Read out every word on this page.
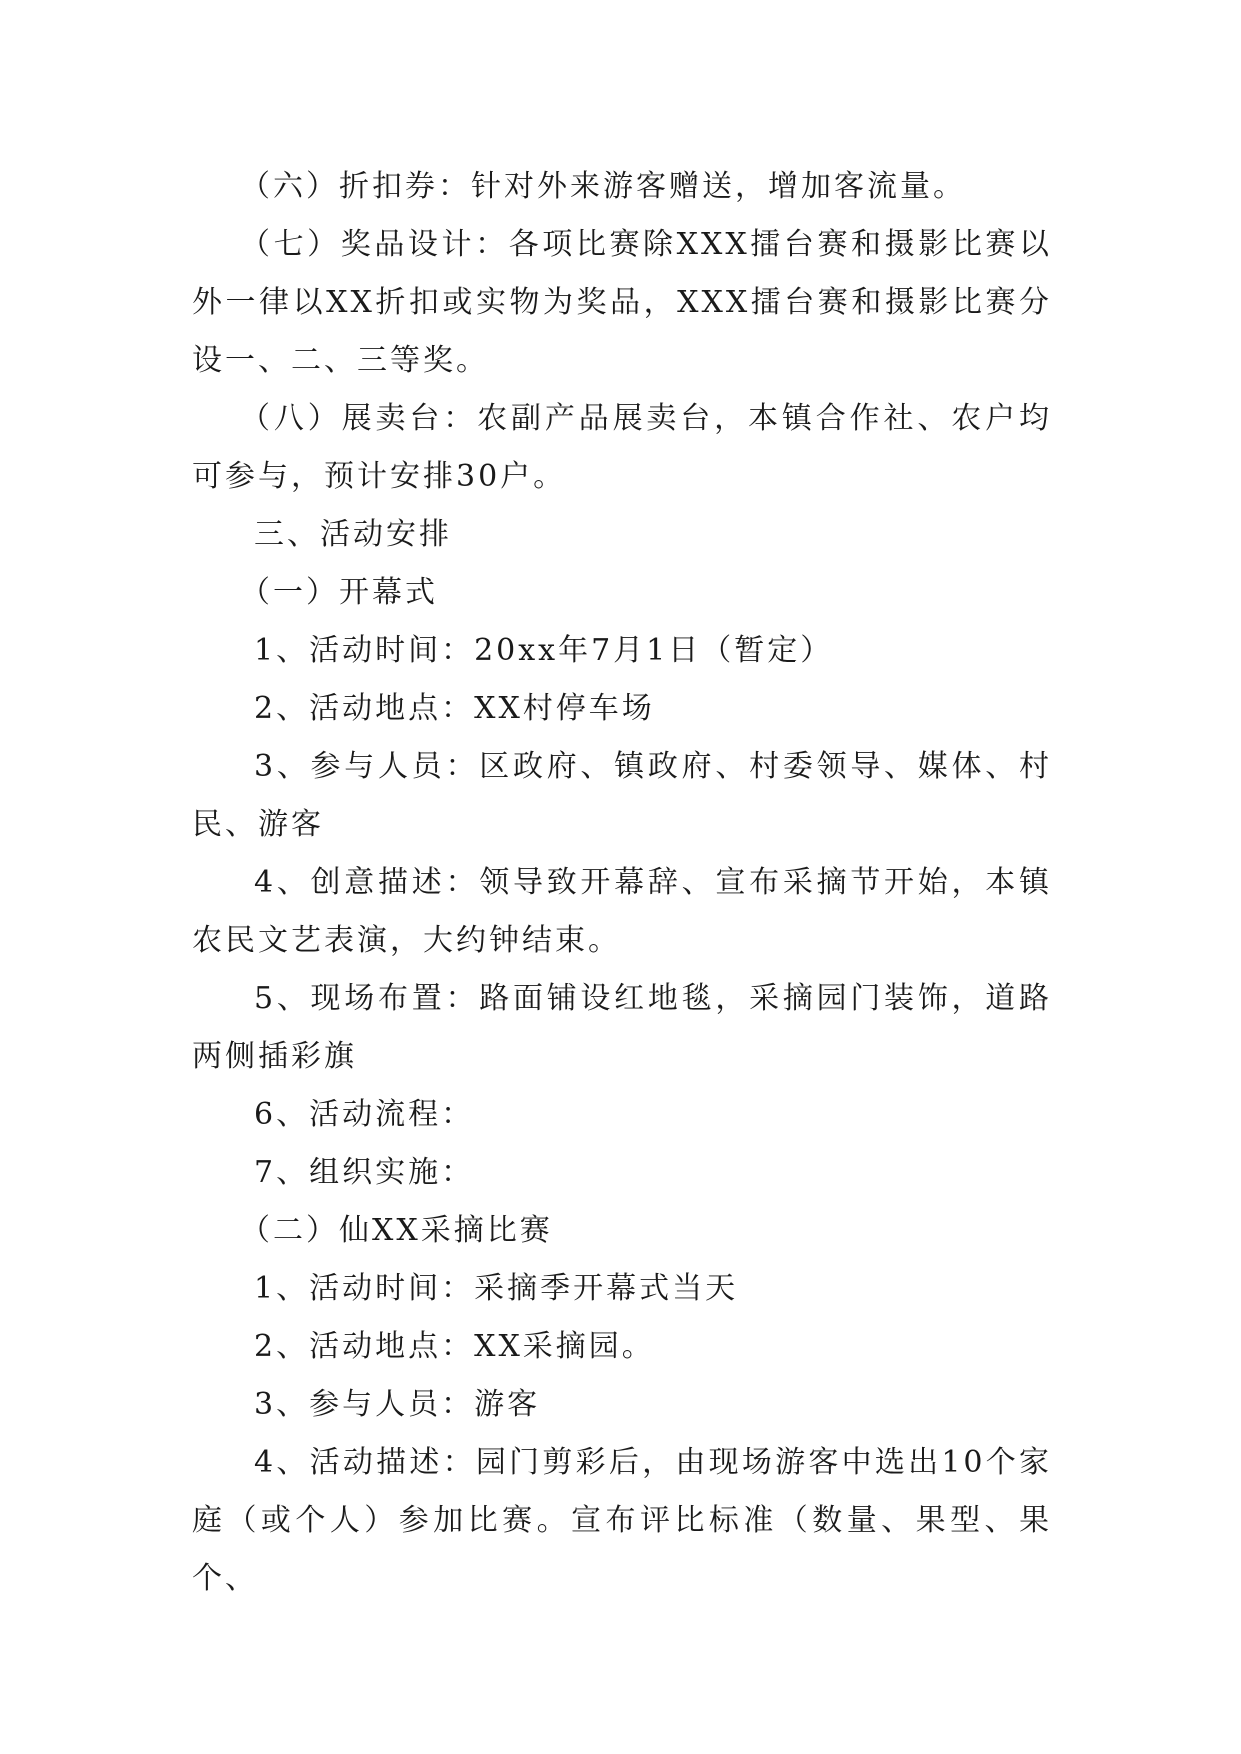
（六）折扣券：针对外来游客赠送，增加客流量。

（七）奖品设计：各项比赛除XXX擂台赛和摄影比赛以外一律以XX折扣或实物为奖品，XXX擂台赛和摄影比赛分设一、二、三等奖。

（八）展卖台：农副产品展卖台，本镇合作社、农户均可参与，预计安排30户。

三、活动安排

（一）开幕式

1、活动时间：20xx年7月1日（暂定）

2、活动地点：XX村停车场

3、参与人员：区政府、镇政府、村委领导、媒体、村民、游客

4、创意描述：领导致开幕辞、宣布采摘节开始，本镇农民文艺表演，大约钟结束。

5、现场布置：路面铺设红地毯，采摘园门装饰，道路两侧插彩旗

6、活动流程：

7、组织实施：

（二）仙XX采摘比赛

1、活动时间：采摘季开幕式当天

2、活动地点：XX采摘园。

3、参与人员：游客

4、活动描述：园门剪彩后，由现场游客中选出10个家庭（或个人）参加比赛。宣布评比标准（数量、果型、果个、
